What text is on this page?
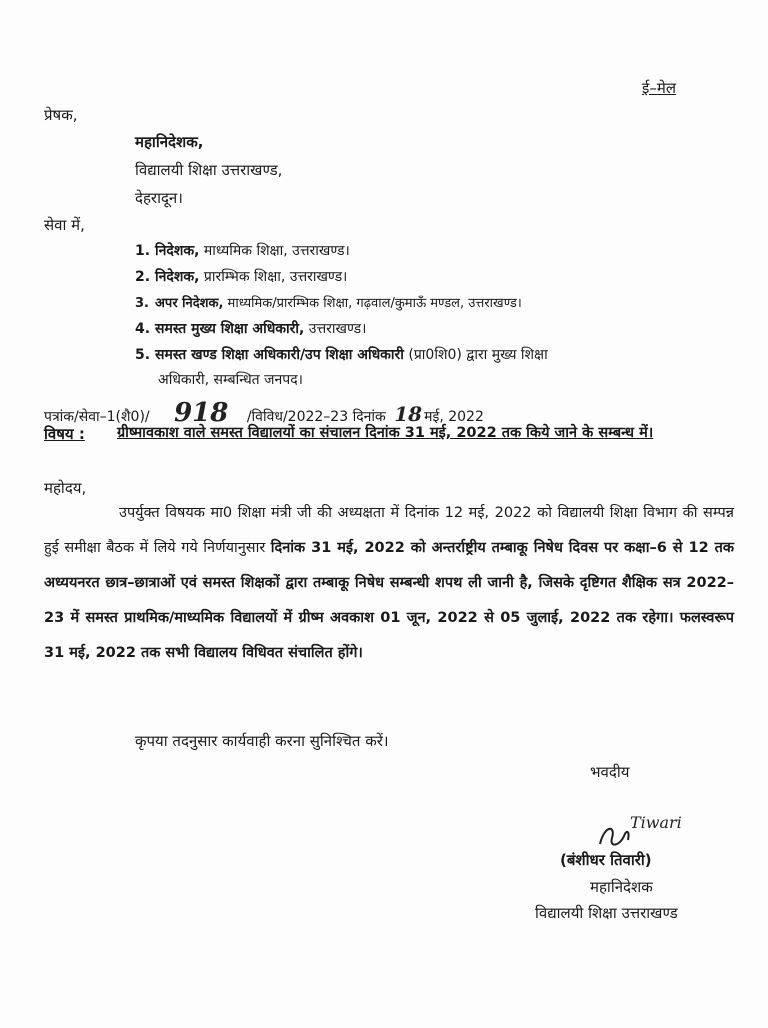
ई–मेल
प्रेषक,
महानिदेशक,
विद्यालयी शिक्षा उत्तराखण्ड,
देहरादून।
सेवा में,
1. निदेशक, माध्यमिक शिक्षा, उत्तराखण्ड।
2. निदेशक, प्रारम्भिक शिक्षा, उत्तराखण्ड।
3. अपर निदेशक, माध्यमिक/प्रारम्भिक शिक्षा, गढ़वाल/कुमाऊँ मण्डल, उत्तराखण्ड।
4. समस्त मुख्य शिक्षा अधिकारी, उत्तराखण्ड।
5. समस्त खण्ड शिक्षा अधिकारी/उप शिक्षा अधिकारी (प्रा0शि0) द्वारा मुख्य शिक्षा
अधिकारी, सम्बन्धित जनपद।
पत्रांक/सेवा–1(शै0)/ 918 /विविध/2022–23 दिनांक 18 मई, 2022
विषय : ग्रीष्मावकाश वाले समस्त विद्यालयों का संचालन दिनांक 31 मई, 2022 तक किये जाने के सम्बन्ध में।
महोदय,
उपर्युक्त विषयक मा0 शिक्षा मंत्री जी की अध्यक्षता में दिनांक 12 मई, 2022 को विद्यालयी शिक्षा विभाग की सम्पन्न हुई समीक्षा बैठक में लिये गये निर्णयानुसार दिनांक 31 मई, 2022 को अन्तर्राष्ट्रीय तम्बाकू निषेध दिवस पर कक्षा–6 से 12 तक अध्ययनरत छात्र–छात्राओं एवं समस्त शिक्षकों द्वारा तम्बाकू निषेध सम्बन्धी शपथ ली जानी है, जिसके दृष्टिगत शैक्षिक सत्र 2022–23 में समस्त प्राथमिक/माध्यमिक विद्यालयों में ग्रीष्म अवकाश 01 जून, 2022 से 05 जुलाई, 2022 तक रहेगा। फलस्वरूप 31 मई, 2022 तक सभी विद्यालय विधिवत संचालित होंगे।
कृपया तदनुसार कार्यवाही करना सुनिश्चित करें।
भवदीय
Tiwari
(बंशीधर तिवारी)
महानिदेशक
विद्यालयी शिक्षा उत्तराखण्ड
